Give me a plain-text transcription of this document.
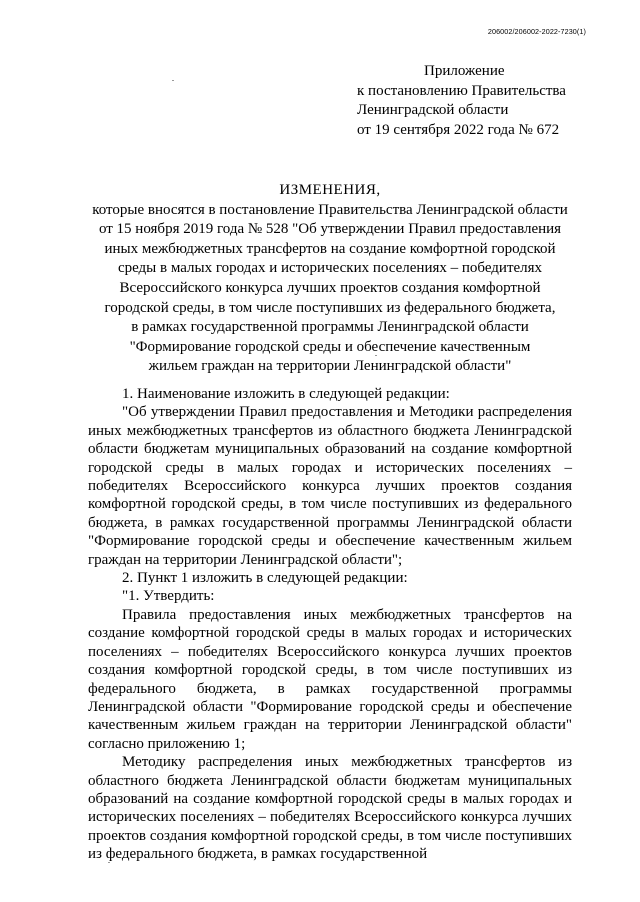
206002/206002-2022-7230(1)
Приложение
к постановлению Правительства
Ленинградской области
от 19 сентября 2022 года № 672
ИЗМЕНЕНИЯ,
которые вносятся в постановление Правительства Ленинградской области
от 15 ноября 2019 года № 528 "Об утверждении Правил предоставления
иных межбюджетных трансфертов на создание комфортной городской
среды в малых городах и исторических поселениях – победителях
Всероссийского конкурса лучших проектов создания комфортной
городской среды, в том числе поступивших из федерального бюджета,
в рамках государственной программы Ленинградской области
"Формирование городской среды и обеспечение качественным
жильем граждан на территории Ленинградской области"

1. Наименование изложить в следующей редакции:

"Об утверждении Правил предоставления и Методики распределения иных межбюджетных трансфертов из областного бюджета Ленинградской области бюджетам муниципальных образований на создание комфортной городской среды в малых городах и исторических поселениях – победителях Всероссийского конкурса лучших проектов создания комфортной городской среды, в том числе поступивших из федерального бюджета, в рамках государственной программы Ленинградской области "Формирование городской среды и обеспечение качественным жильем граждан на территории Ленинградской области";

2. Пункт 1 изложить в следующей редакции:

"1. Утвердить:

Правила предоставления иных межбюджетных трансфертов на создание комфортной городской среды в малых городах и исторических поселениях – победителях Всероссийского конкурса лучших проектов создания комфортной городской среды, в том числе поступивших из федерального бюджета, в рамках государственной программы Ленинградской области "Формирование городской среды и обеспечение качественным жильем граждан на территории Ленинградской области" согласно приложению 1;

Методику распределения иных межбюджетных трансфертов из областного бюджета Ленинградской области бюджетам муниципальных образований на создание комфортной городской среды в малых городах и исторических поселениях – победителях Всероссийского конкурса лучших проектов создания комфортной городской среды, в том числе поступивших из федерального бюджета, в рамках государственной
